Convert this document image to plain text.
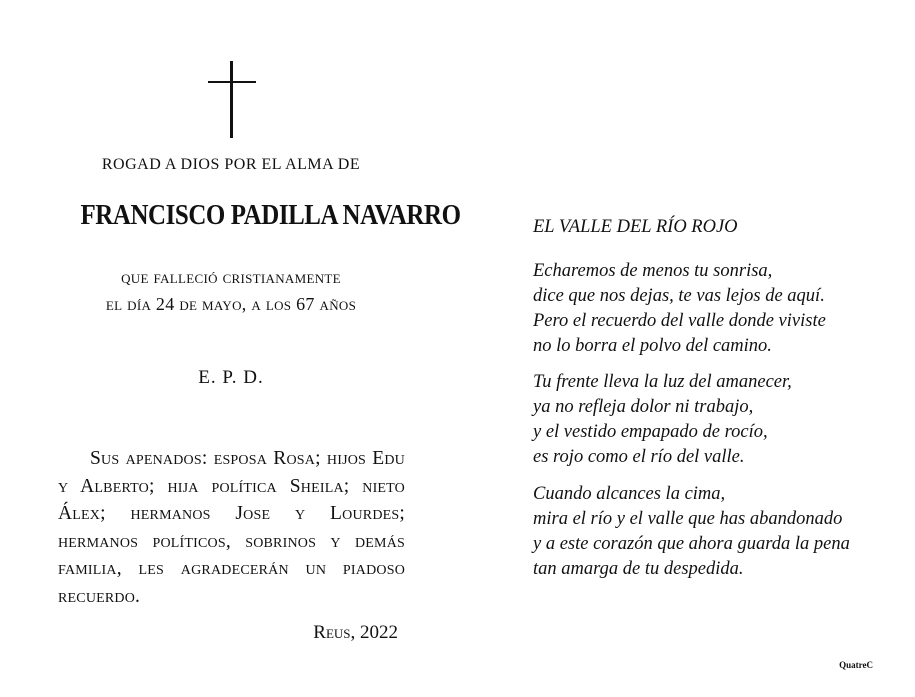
ROGAD A DIOS POR EL ALMA DE
FRANCISCO PADILLA NAVARRO
que falleció cristianamente
el día 24 de mayo, a los 67 años
E. P. D.
Sus apenados: esposa Rosa; hijos Edu y Alberto; hija política Sheila; nieto Álex; hermanos Jose y Lourdes; hermanos políticos, sobrinos y demás familia, les agradecerán un piadoso recuerdo.
Reus, 2022
EL VALLE DEL RÍO ROJO
Echaremos de menos tu sonrisa,
dice que nos dejas, te vas lejos de aquí.
Pero el recuerdo del valle donde viviste
no lo borra el polvo del camino.
Tu frente lleva la luz del amanecer,
ya no refleja dolor ni trabajo,
y el vestido empapado de rocío,
es rojo como el río del valle.
Cuando alcances la cima,
mira el río y el valle que has abandonado
y a este corazón que ahora guarda la pena
tan amarga de tu despedida.
QuatreC
